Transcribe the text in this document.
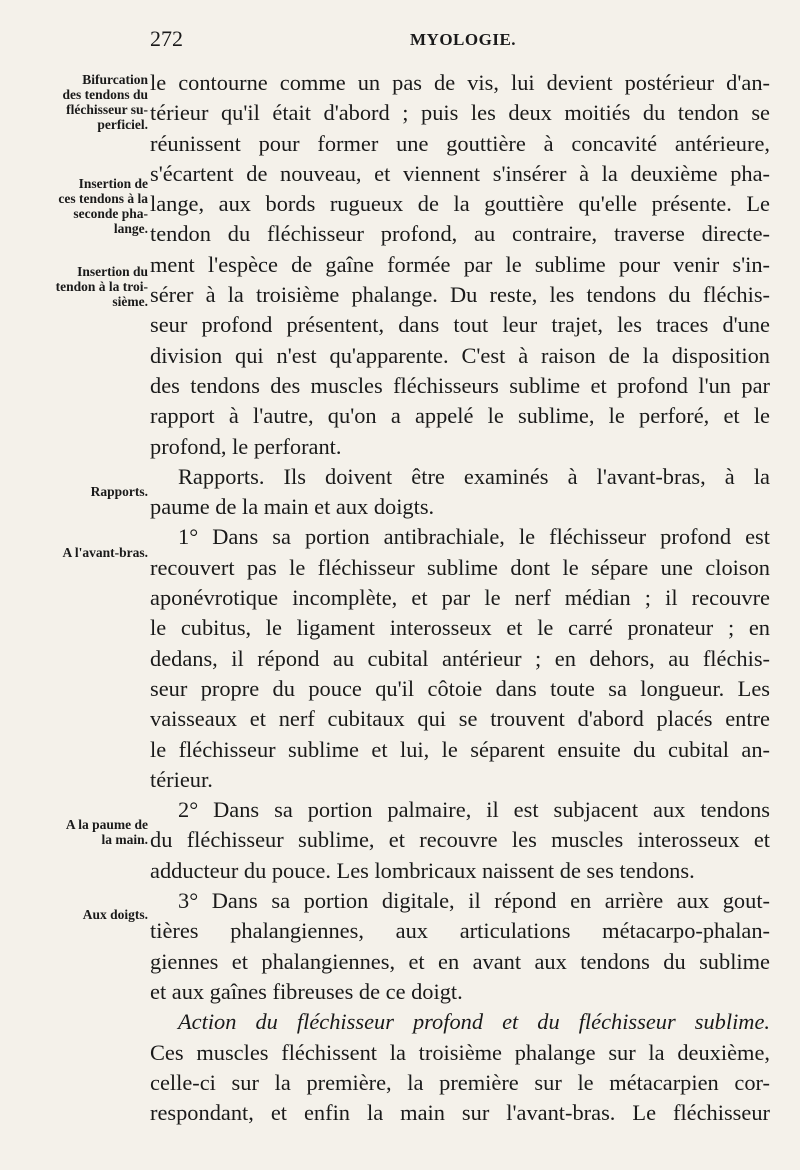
272	MYOLOGIE.
Bifurcation
des tendons du
fléchisseur su-
perficiel.
Insertion de
ces tendons à la
seconde pha-
lange.
Insertion du
tendon à la troi-
sième.
Rapports.
A l'avant-bras.
A la paume de
la main.
Aux doigts.
le contourne comme un pas de vis, lui devient postérieur d'an-
térieur qu'il était d'abord ; puis les deux moitiés du tendon se
réunissent pour former une gouttière à concavité antérieure,
s'écartent de nouveau, et viennent s'insérer à la deuxième pha-
lange, aux bords rugueux de la gouttière qu'elle présente. Le
tendon du fléchisseur profond, au contraire, traverse directe-
ment l'espèce de gaîne formée par le sublime pour venir s'in-
sérer à la troisième phalange. Du reste, les tendons du fléchis-
seur profond présentent, dans tout leur trajet, les traces d'une
division qui n'est qu'apparente. C'est à raison de la disposition
des tendons des muscles fléchisseurs sublime et profond l'un par
rapport à l'autre, qu'on a appelé le sublime, le perforé, et le
profond, le perforant.
Rapports. Ils doivent être examinés à l'avant-bras, à la
paume de la main et aux doigts.
1° Dans sa portion antibrachiale, le fléchisseur profond est
recouvert pas le fléchisseur sublime dont le sépare une cloison
aponévrotique incomplète, et par le nerf médian ; il recouvre
le cubitus, le ligament interosseux et le carré pronateur ; en
dedans, il répond au cubital antérieur ; en dehors, au fléchis-
seur propre du pouce qu'il côtoie dans toute sa longueur. Les
vaisseaux et nerf cubitaux qui se trouvent d'abord placés entre
le fléchisseur sublime et lui, le séparent ensuite du cubital an-
térieur.
2° Dans sa portion palmaire, il est subjacent aux tendons
du fléchisseur sublime, et recouvre les muscles interosseux et
adducteur du pouce. Les lombricaux naissent de ses tendons.
3° Dans sa portion digitale, il répond en arrière aux gout-
tières phalangiennes, aux articulations métacarpo-phalan-
giennes et phalangiennes, et en avant aux tendons du sublime
et aux gaînes fibreuses de ce doigt.
Action du fléchisseur profond et du fléchisseur sublime.
Ces muscles fléchissent la troisième phalange sur la deuxième,
celle-ci sur la première, la première sur le métacarpien cor-
respondant, et enfin la main sur l'avant-bras. Le fléchisseur
